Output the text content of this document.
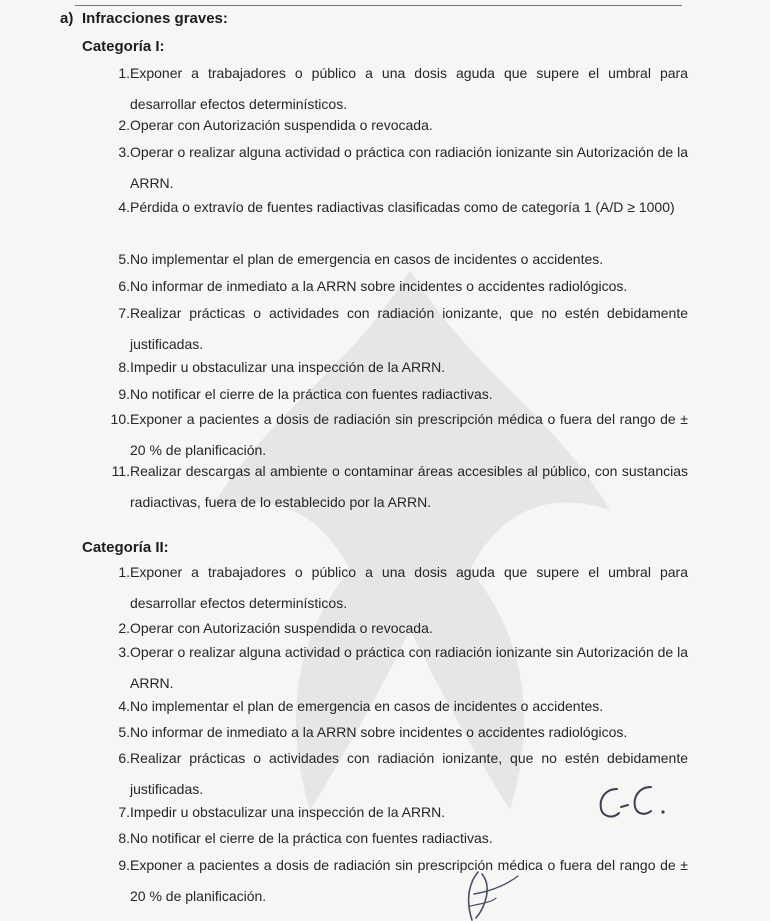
a) Infracciones graves:
Categoría I:
1. Exponer a trabajadores o público a una dosis aguda que supere el umbral para desarrollar efectos determinísticos.
2. Operar con Autorización suspendida o revocada.
3. Operar o realizar alguna actividad o práctica con radiación ionizante sin Autorización de la ARRN.
4. Pérdida o extravío de fuentes radiactivas clasificadas como de categoría 1 (A/D ≥ 1000)
5. No implementar el plan de emergencia en casos de incidentes o accidentes.
6. No informar de inmediato a la ARRN sobre incidentes o accidentes radiológicos.
7. Realizar prácticas o actividades con radiación ionizante, que no estén debidamente justificadas.
8. Impedir u obstaculizar una inspección de la ARRN.
9. No notificar el cierre de la práctica con fuentes radiactivas.
10. Exponer a pacientes a dosis de radiación sin prescripción médica o fuera del rango de ± 20 % de planificación.
11. Realizar descargas al ambiente o contaminar áreas accesibles al público, con sustancias radiactivas, fuera de lo establecido por la ARRN.
Categoría II:
1. Exponer a trabajadores o público a una dosis aguda que supere el umbral para desarrollar efectos determinísticos.
2. Operar con Autorización suspendida o revocada.
3. Operar o realizar alguna actividad o práctica con radiación ionizante sin Autorización de la ARRN.
4. No implementar el plan de emergencia en casos de incidentes o accidentes.
5. No informar de inmediato a la ARRN sobre incidentes o accidentes radiológicos.
6. Realizar prácticas o actividades con radiación ionizante, que no estén debidamente justificadas.
7. Impedir u obstaculizar una inspección de la ARRN.
8. No notificar el cierre de la práctica con fuentes radiactivas.
9. Exponer a pacientes a dosis de radiación sin prescripción médica o fuera del rango de ± 20 % de planificación.
